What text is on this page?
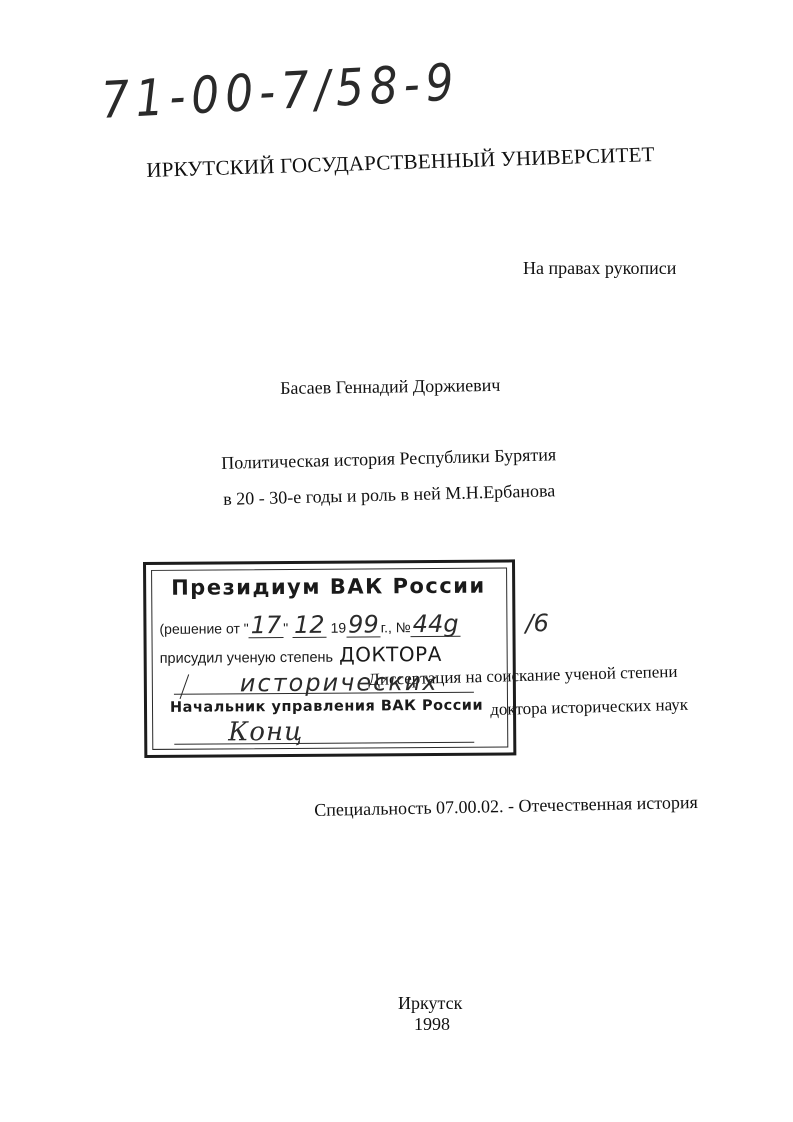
71-00-7/58-9
ИРКУТСКИЙ ГОСУДАРСТВЕННЫЙ УНИВЕРСИТЕТ
На правах рукописи
Басаев Геннадий Доржиевич
Политическая история Республики Бурятия
в 20 - 30-е годы и роль в ней М.Н.Ербанова
Диссертация на соискание ученой степени
доктора исторических наук
Президиум ВАК России
(решение от "17 " 12 1999 г., №44g
присудил ученую степень ДОКТОРА
исторических
Начальник управления ВАК России
Конц
/6
Специальность 07.00.02. - Отечественная история
Иркутск
1998
